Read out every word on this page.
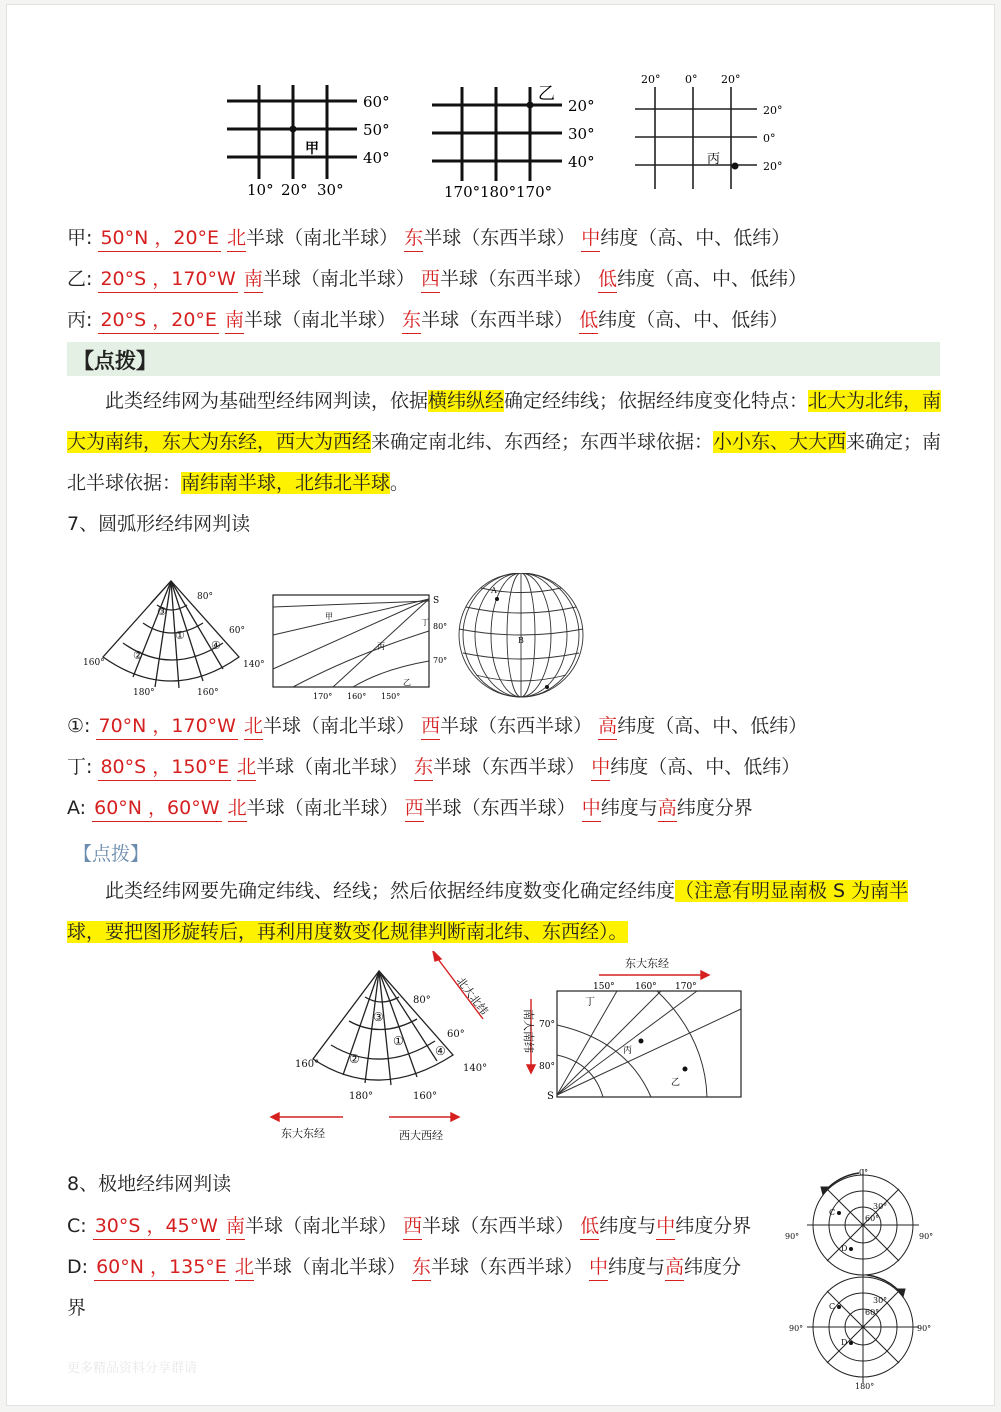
60°
50°
40°
10° 20° 30°
甲
20°
30°
40°
170° 180° 170°
乙
20°
0°
20°
20° 0° 20°
丙
甲: 50°N ，20°E 北半球（南北半球） 东半球（东西半球） 中纬度（高、中、低纬）
乙: 20°S ，170°W 南半球（南北半球） 西半球（东西半球） 低纬度（高、中、低纬）
丙: 20°S ，20°E 南半球（南北半球） 东半球（东西半球） 低纬度（高、中、低纬）
【点拨】

此类经纬网为基础型经纬网判读，依据横纬纵经确定经纬线；依据经纬度变化特点：北大为北纬，南大为南纬，东大为东经，西大为西经来确定南北纬、东西经；东西半球依据：小小东、大大西来确定；南北半球依据：南纬南半球，北纬北半球。

7、圆弧形经纬网判读
80°
60°
160°	140°
180°	160°
③
①
②
④
S
80°
70°
170° 160° 150°
甲
丙
丁
乙
A
B
①: 70°N ，170°W 北半球（南北半球） 西半球（东西半球） 高纬度（高、中、低纬）
丁: 80°S ，150°E 北半球（南北半球） 东半球（东西半球） 中纬度（高、中、低纬）
A: 60°N ，60°W 北半球（南北半球） 西半球（东西半球） 中纬度与高纬度分界
【点拨】

此类经纬网要先确定纬线、经线；然后依据经纬度数变化确定经纬度（注意有明显南极 S 为南半球，要把图形旋转后，再利用度数变化规律判断南北纬、东西经）。

80°
60°
160°	140°
180°	160°
③
①
②
④
北大北纬
东大东经	西大西经
丙
乙
丁
150° 160° 170°
70°
80°
S
东大东经
南大南纬
8、极地经纬网判读
C: 30°S ，45°W 南半球（南北半球） 西半球（东西半球） 低纬度与中纬度分界
D: 60°N ，135°E 北半球（南北半球） 东半球（东西半球） 中纬度与高纬度分
界
0°
90°	90°
30°
60°
C
D
90°	90°
180°
30°
60°
C
D
更多精品资料分享群请
